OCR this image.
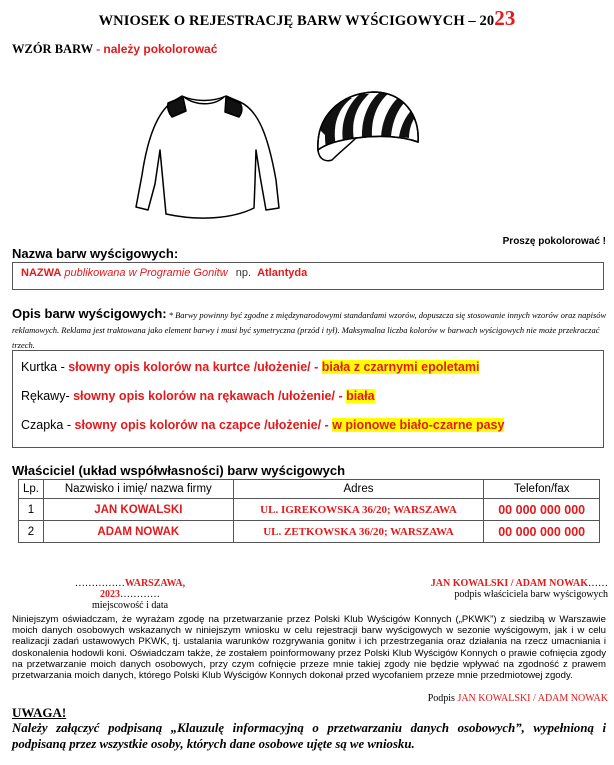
WNIOSEK O REJESTRACJĘ BARW WYŚCIGOWYCH – 2023
WZÓR BARW - należy pokolorować
Proszę pokolorować !
Nazwa barw wyścigowych:
NAZWA publikowana w Programie Gonitw np. Atlantyda
Opis barw wyścigowych: * Barwy powinny być zgodne z międzynarodowymi standardami wzorów, dopuszcza się stosowanie innych wzorów oraz napisów reklamowych. Reklama jest traktowana jako element barwy i musi być symetryczna (przód i tył). Maksymalna liczba kolorów w barwach wyścigowych nie może przekraczać trzech.
Kurtka - słowny opis kolorów na kurtce /ułożenie/ - biała z czarnymi epoletami
Rękawy- słowny opis kolorów na rękawach /ułożenie/ - biała
Czapka - słowny opis kolorów na czapce /ułożenie/ - w pionowe biało-czarne pasy
Właściciel (układ współwłasności) barw wyścigowych
Lp.	Nazwisko i imię/ nazwa firmy	Adres	Telefon/fax
1	JAN KOWALSKI	UL. IGREKOWSKA 36/20; WARSZAWA	00 000 000 000
2	ADAM NOWAK	UL. ZETKOWSKA 36/20; WARSZAWA	00 000 000 000
……………WARSZAWA, 2023…………
miejscowość i data
JAN KOWALSKI / ADAM NOWAK……
podpis właściciela barw wyścigowych
Niniejszym oświadczam, że wyrażam zgodę na przetwarzanie przez Polski Klub Wyścigów Konnych („PKWK”) z siedzibą w Warszawie moich danych osobowych wskazanych w niniejszym wniosku w celu rejestracji barw wyścigowych w sezonie wyścigowym, jak i w celu realizacji zadań ustawowych PKWK, tj. ustalania warunków rozgrywania gonitw i ich przestrzegania oraz działania na rzecz umacniania i doskonalenia hodowli koni. Oświadczam także, że zostałem poinformowany przez Polski Klub Wyścigów Konnych o prawie cofnięcia zgody na przetwarzanie moich danych osobowych, przy czym cofnięcie przeze mnie takiej zgody nie będzie wpływać na zgodność z prawem przetwarzania moich danych, którego Polski Klub Wyścigów Konnych dokonał przed wycofaniem przeze mnie przedmiotowej zgody.
Podpis JAN KOWALSKI / ADAM NOWAK
UWAGA!
Należy załączyć podpisaną „Klauzulę informacyjną o przetwarzaniu danych osobowych”, wypełnioną i podpisaną przez wszystkie osoby, których dane osobowe ujęte są we wniosku.
